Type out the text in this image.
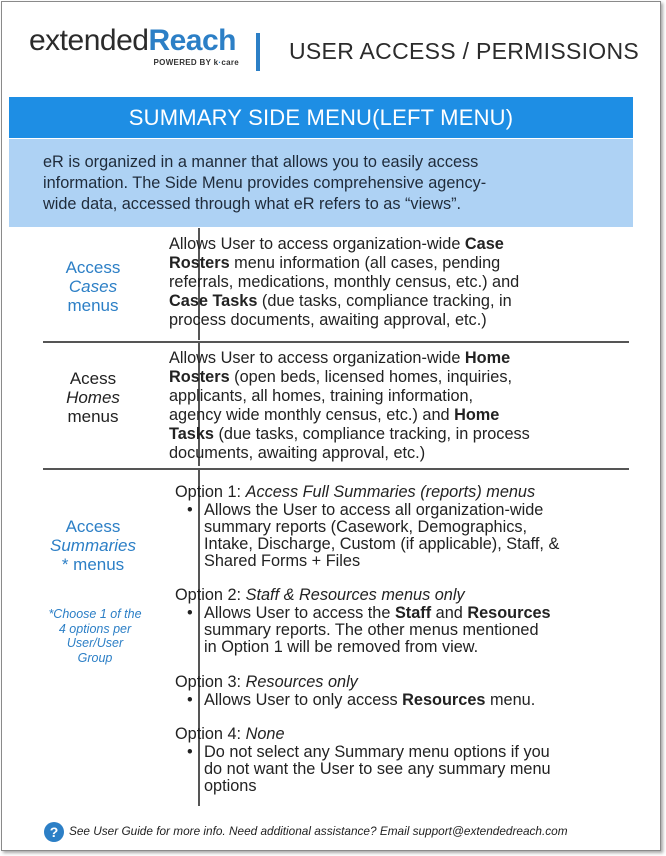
extendedReach
POWERED BY k·care USER ACCESS / PERMISSIONS
SUMMARY SIDE MENU(LEFT MENU)
eR is organized in a manner that allows you to easily access
information. The Side Menu provides comprehensive agency-
wide data, accessed through what eR refers to as “views”.
Access
Cases
menus
Allows User to access organization-wide Case
Rosters menu information (all cases, pending
referrals, medications, monthly census, etc.) and
Case Tasks (due tasks, compliance tracking, in
process documents, awaiting approval, etc.)
Acess
Homes
menus
Allows User to access organization-wide Home
Rosters (open beds, licensed homes, inquiries,
applicants, all homes, training information,
agency wide monthly census, etc.) and Home
Tasks (due tasks, compliance tracking, in process
documents, awaiting approval, etc.)
Access
Summaries
* menus
*Choose 1 of the
4 options per
User/User
Group
Option 1: Access Full Summaries (reports) menus
• Allows the User to access all organization-wide
summary reports (Casework, Demographics,
Intake, Discharge, Custom (if applicable), Staff, &
Shared Forms + Files
Option 2: Staff & Resources menus only
• Allows User to access the Staff and Resources
summary reports. The other menus mentioned
in Option 1 will be removed from view.
Option 3: Resources only
• Allows User to only access Resources menu.
Option 4: None
• Do not select any Summary menu options if you
do not want the User to see any summary menu
options
? See User Guide for more info. Need additional assistance? Email support@extendedreach.com
